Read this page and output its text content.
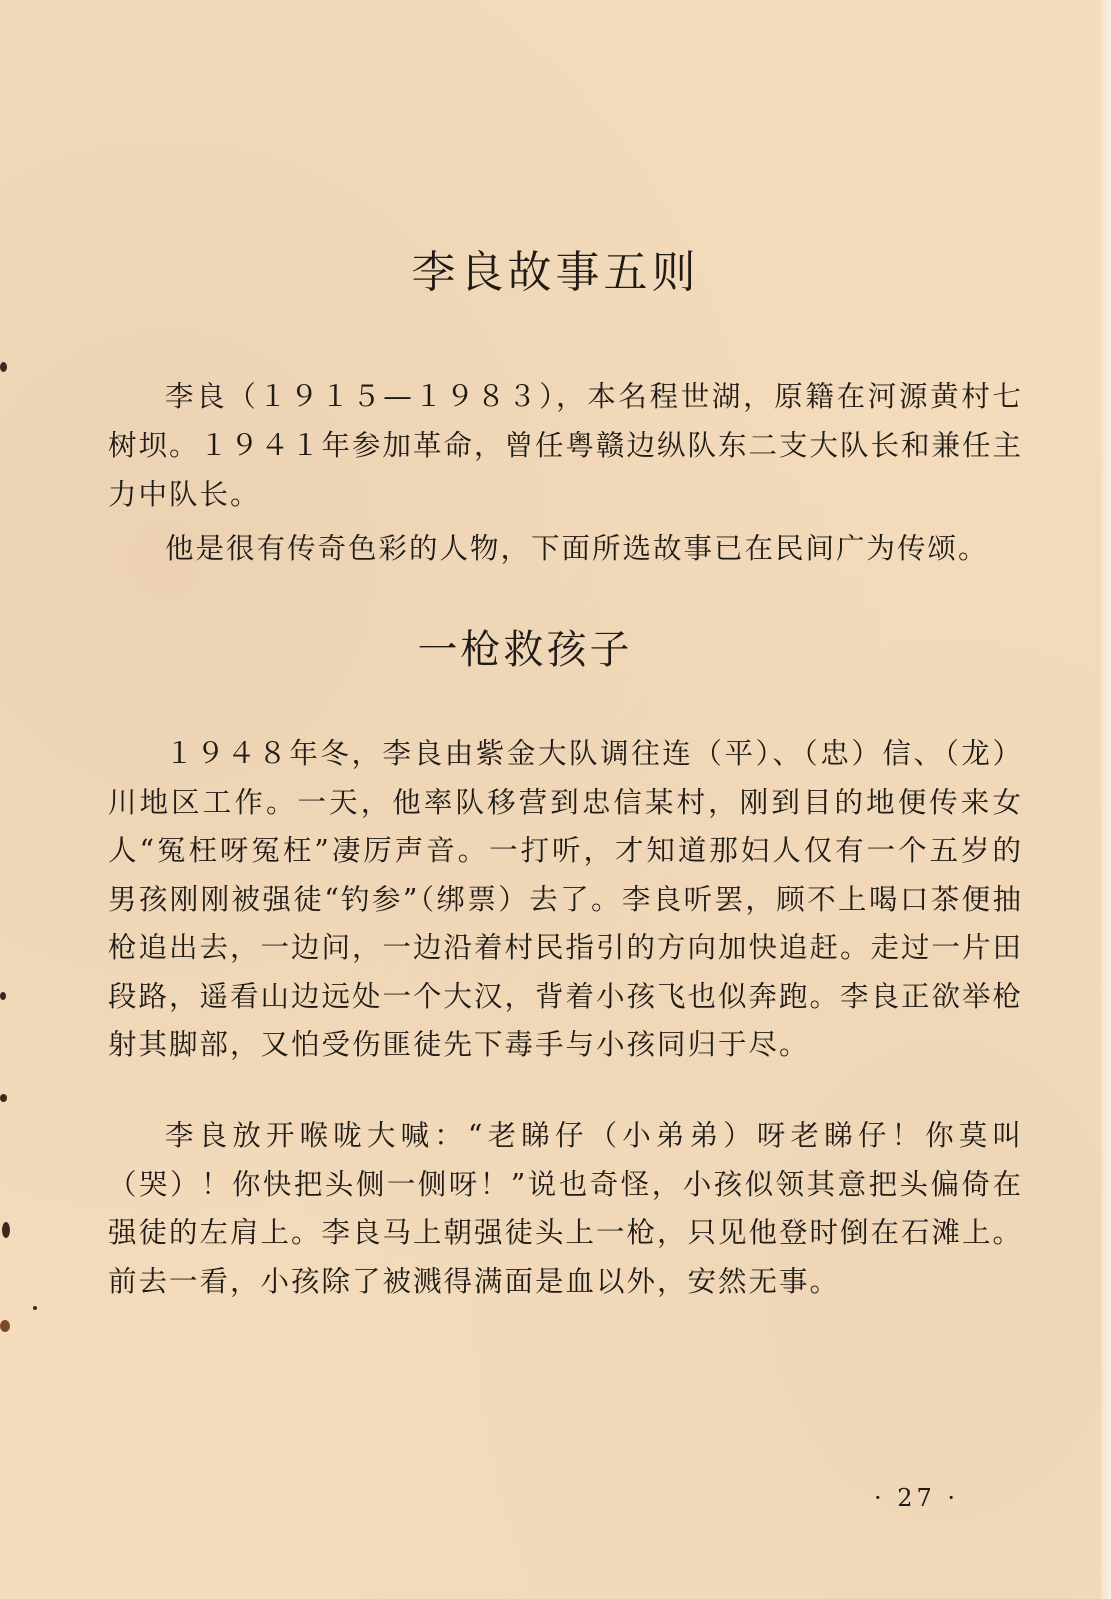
李良故事五则

李良（１９１５—１９８３），本名程世湖，原籍在河源黄村七树坝。１９４１年参加革命，曾任粤赣边纵队东二支大队长和兼任主力中队长。

他是很有传奇色彩的人物，下面所选故事已在民间广为传颂。

一枪救孩子

１９４８年冬，李良由紫金大队调往连（平）、（忠）信、（龙）川地区工作。一天，他率队移营到忠信某村，刚到目的地便传来女人“冤枉呀冤枉”凄厉声音。一打听，才知道那妇人仅有一个五岁的男孩刚刚被强徒“钓参”（绑票）去了。李良听罢，顾不上喝口茶便抽枪追出去，一边问，一边沿着村民指引的方向加快追赶。走过一片田段路，遥看山边远处一个大汉，背着小孩飞也似奔跑。李良正欲举枪射其脚部，又怕受伤匪徒先下毒手与小孩同归于尽。

李良放开喉咙大喊：“老睇仔（小弟弟）呀老睇仔！你莫叫（哭）！你快把头侧一侧呀！”说也奇怪，小孩似领其意把头偏倚在强徒的左肩上。李良马上朝强徒头上一枪，只见他登时倒在石滩上。前去一看，小孩除了被溅得满面是血以外，安然无事。

· 27 ·
